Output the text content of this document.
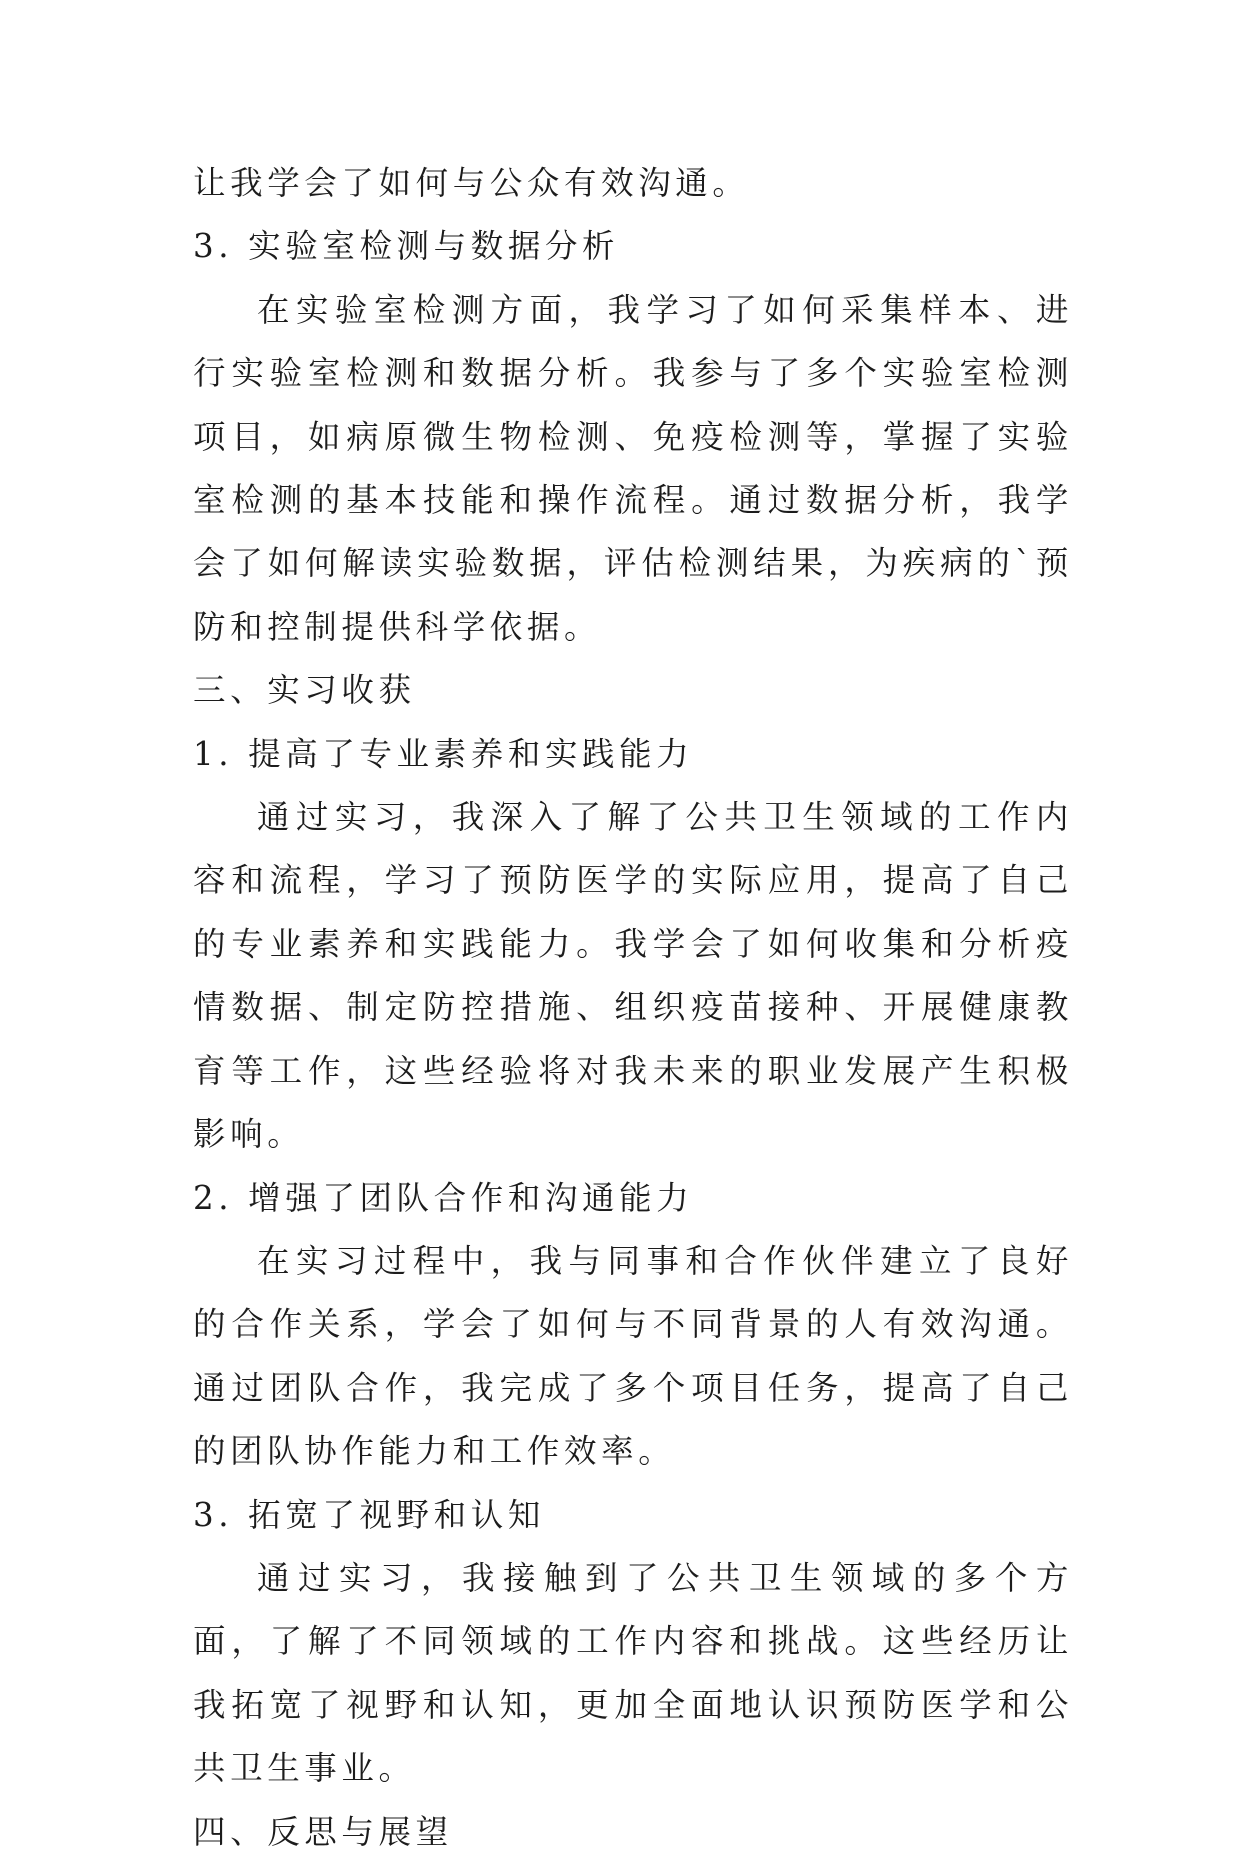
让我学会了如何与公众有效沟通。

3. 实验室检测与数据分析

在实验室检测方面，我学习了如何采集样本、进行实验室检测和数据分析。我参与了多个实验室检测项目，如病原微生物检测、免疫检测等，掌握了实验室检测的基本技能和操作流程。通过数据分析，我学会了如何解读实验数据，评估检测结果，为疾病的`预防和控制提供科学依据。

三、实习收获

1. 提高了专业素养和实践能力

通过实习，我深入了解了公共卫生领域的工作内容和流程，学习了预防医学的实际应用，提高了自己的专业素养和实践能力。我学会了如何收集和分析疫情数据、制定防控措施、组织疫苗接种、开展健康教育等工作，这些经验将对我未来的职业发展产生积极影响。

2. 增强了团队合作和沟通能力

在实习过程中，我与同事和合作伙伴建立了良好的合作关系，学会了如何与不同背景的人有效沟通。通过团队合作，我完成了多个项目任务，提高了自己的团队协作能力和工作效率。

3. 拓宽了视野和认知

通过实习，我接触到了公共卫生领域的多个方面，了解了不同领域的工作内容和挑战。这些经历让我拓宽了视野和认知，更加全面地认识预防医学和公共卫生事业。

四、反思与展望
